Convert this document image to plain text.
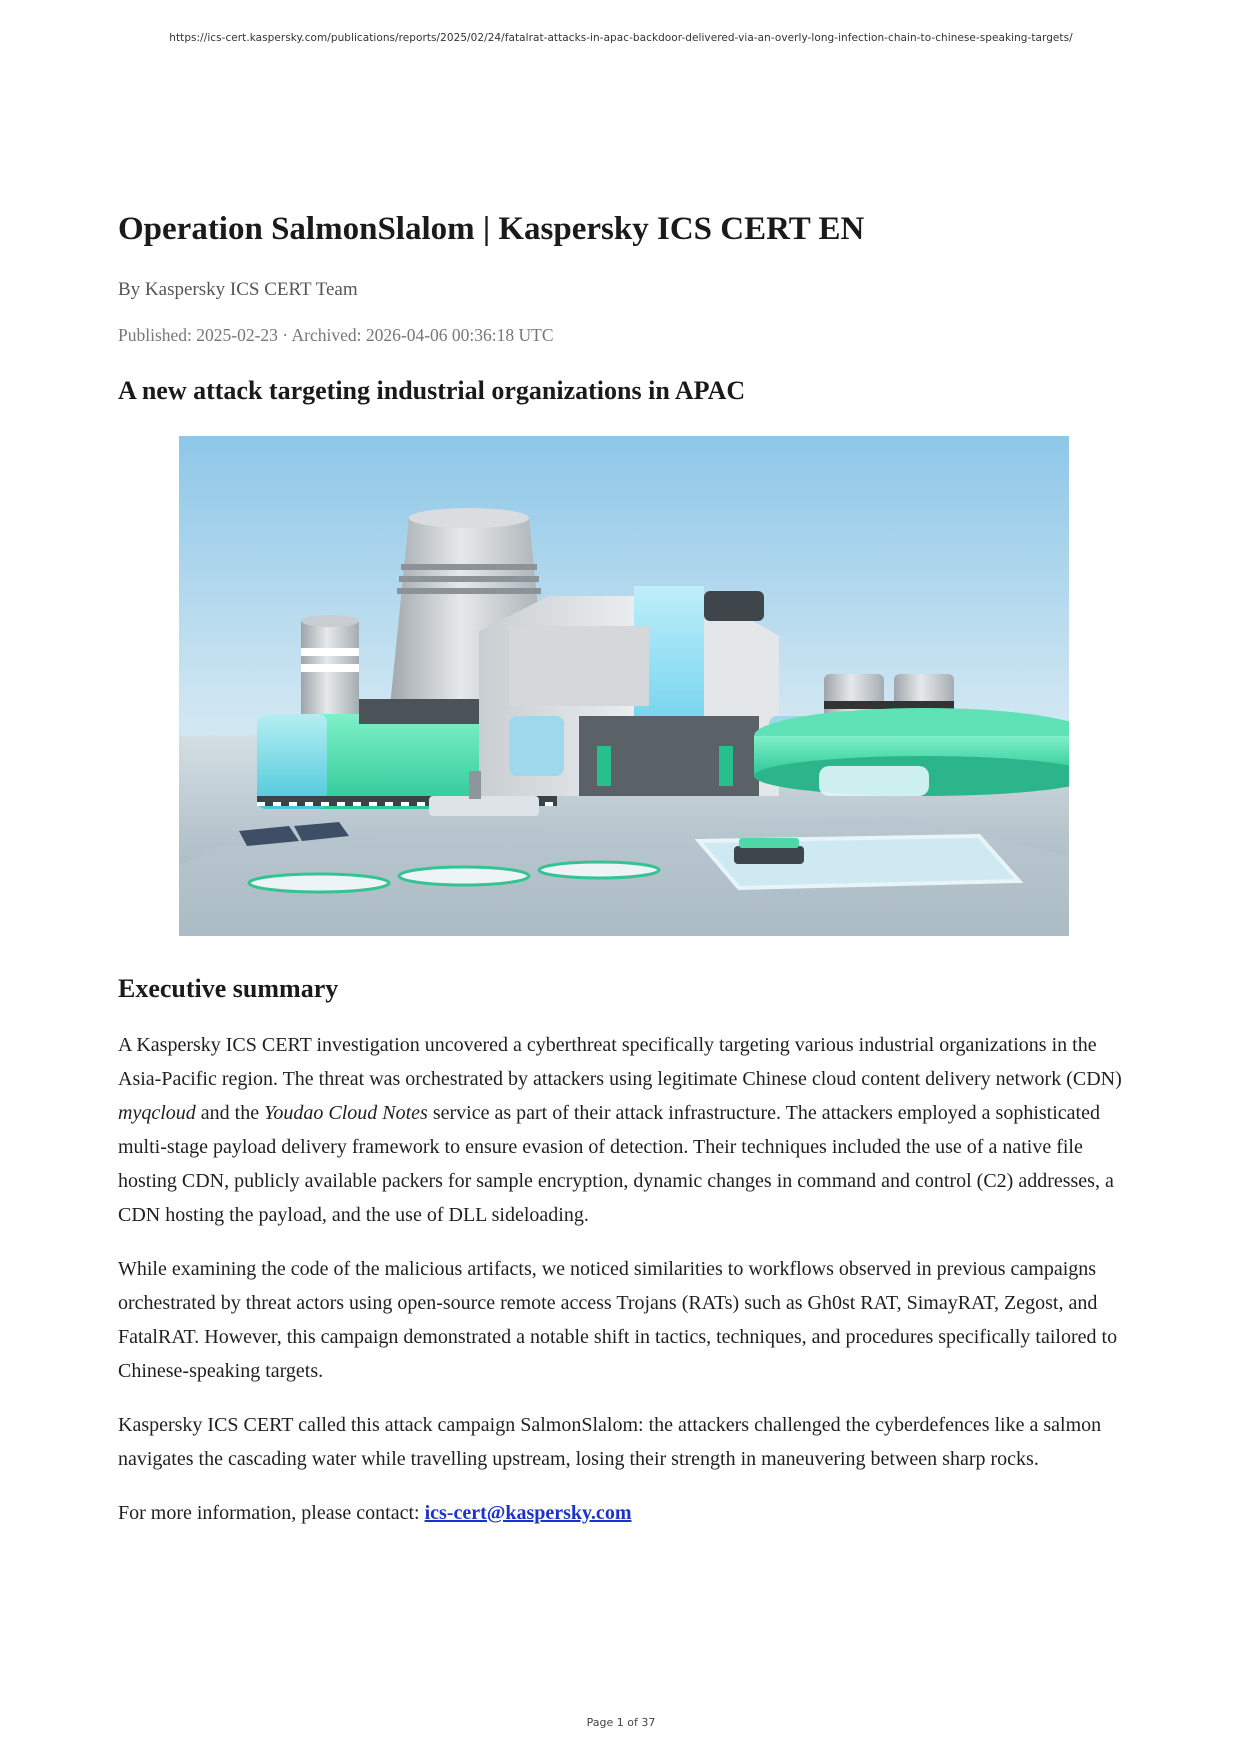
https://ics-cert.kaspersky.com/publications/reports/2025/02/24/fatalrat-attacks-in-apac-backdoor-delivered-via-an-overly-long-infection-chain-to-chinese-speaking-targets/
Operation SalmonSlalom | Kaspersky ICS CERT EN
By Kaspersky ICS CERT Team
Published: 2025-02-23 · Archived: 2026-04-06 00:36:18 UTC
A new attack targeting industrial organizations in APAC
Executive summary

A Kaspersky ICS CERT investigation uncovered a cyberthreat specifically targeting various industrial organizations in the Asia-Pacific region. The threat was orchestrated by attackers using legitimate Chinese cloud content delivery network (CDN) myqcloud and the Youdao Cloud Notes service as part of their attack infrastructure. The attackers employed a sophisticated multi-stage payload delivery framework to ensure evasion of detection. Their techniques included the use of a native file hosting CDN, publicly available packers for sample encryption, dynamic changes in command and control (C2) addresses, a CDN hosting the payload, and the use of DLL sideloading.

While examining the code of the malicious artifacts, we noticed similarities to workflows observed in previous campaigns orchestrated by threat actors using open-source remote access Trojans (RATs) such as Gh0st RAT, SimayRAT, Zegost, and FatalRAT. However, this campaign demonstrated a notable shift in tactics, techniques, and procedures specifically tailored to Chinese-speaking targets.

Kaspersky ICS CERT called this attack campaign SalmonSlalom: the attackers challenged the cyberdefences like a salmon navigates the cascading water while travelling upstream, losing their strength in maneuvering between sharp rocks.

For more information, please contact: ics-cert@kaspersky.com

Page 1 of 37
